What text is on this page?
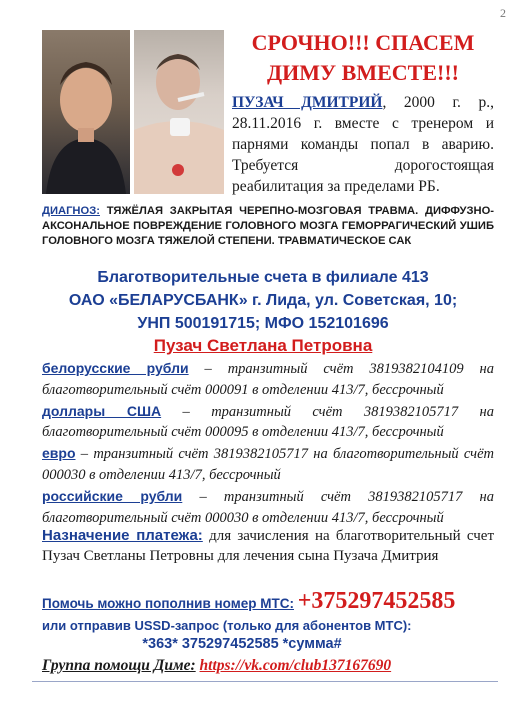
2
СРОЧНО!!! СПАСЕМ ДИМУ ВМЕСТЕ!!!
ПУЗАЧ ДМИТРИЙ, 2000 г. р., 28.11.2016 г. вместе с тренером и парнями команды попал в аварию. Требуется дорогостоящая реабилитация за пределами РБ.
ДИАГНОЗ: ТЯЖЁЛАЯ ЗАКРЫТАЯ ЧЕРЕПНО-МОЗГОВАЯ ТРАВМА. ДИФФУЗНО-АКСОНАЛЬНОЕ ПОВРЕЖДЕНИЕ ГОЛОВНОГО МОЗГА ГЕМОРРАГИЧЕСКИЙ УШИБ ГОЛОВНОГО МОЗГА ТЯЖЕЛОЙ СТЕПЕНИ. ТРАВМАТИЧЕСКОЕ САК
Благотворительные счета в филиале 413
ОАО «БЕЛАРУСБАНК» г. Лида, ул. Советская, 10;
УНП 500191715; МФО 152101696
Пузач Светлана Петровна

белорусские рубли – транзитный счёт 3819382104109 на благотворительный счёт 000091 в отделении 413/7, бессрочный

доллары США – транзитный счёт 3819382105717 на благотворительный счёт 000095 в отделении 413/7, бессрочный

евро – транзитный счёт 3819382105717 на благотворительный счёт 000030 в отделении 413/7, бессрочный

российские рубли – транзитный счёт 3819382105717 на благотворительный счёт 000030 в отделении 413/7, бессрочный

Назначение платежа: для зачисления на благотворительный счет Пузач Светланы Петровны для лечения сына Пузача Дмитрия
Помочь можно пополнив номер МТС: +375297452585
или отправив USSD-запрос (только для абонентов МТС):
*363* 375297452585 *сумма#
Группа помощи Диме: https://vk.com/club137167690
